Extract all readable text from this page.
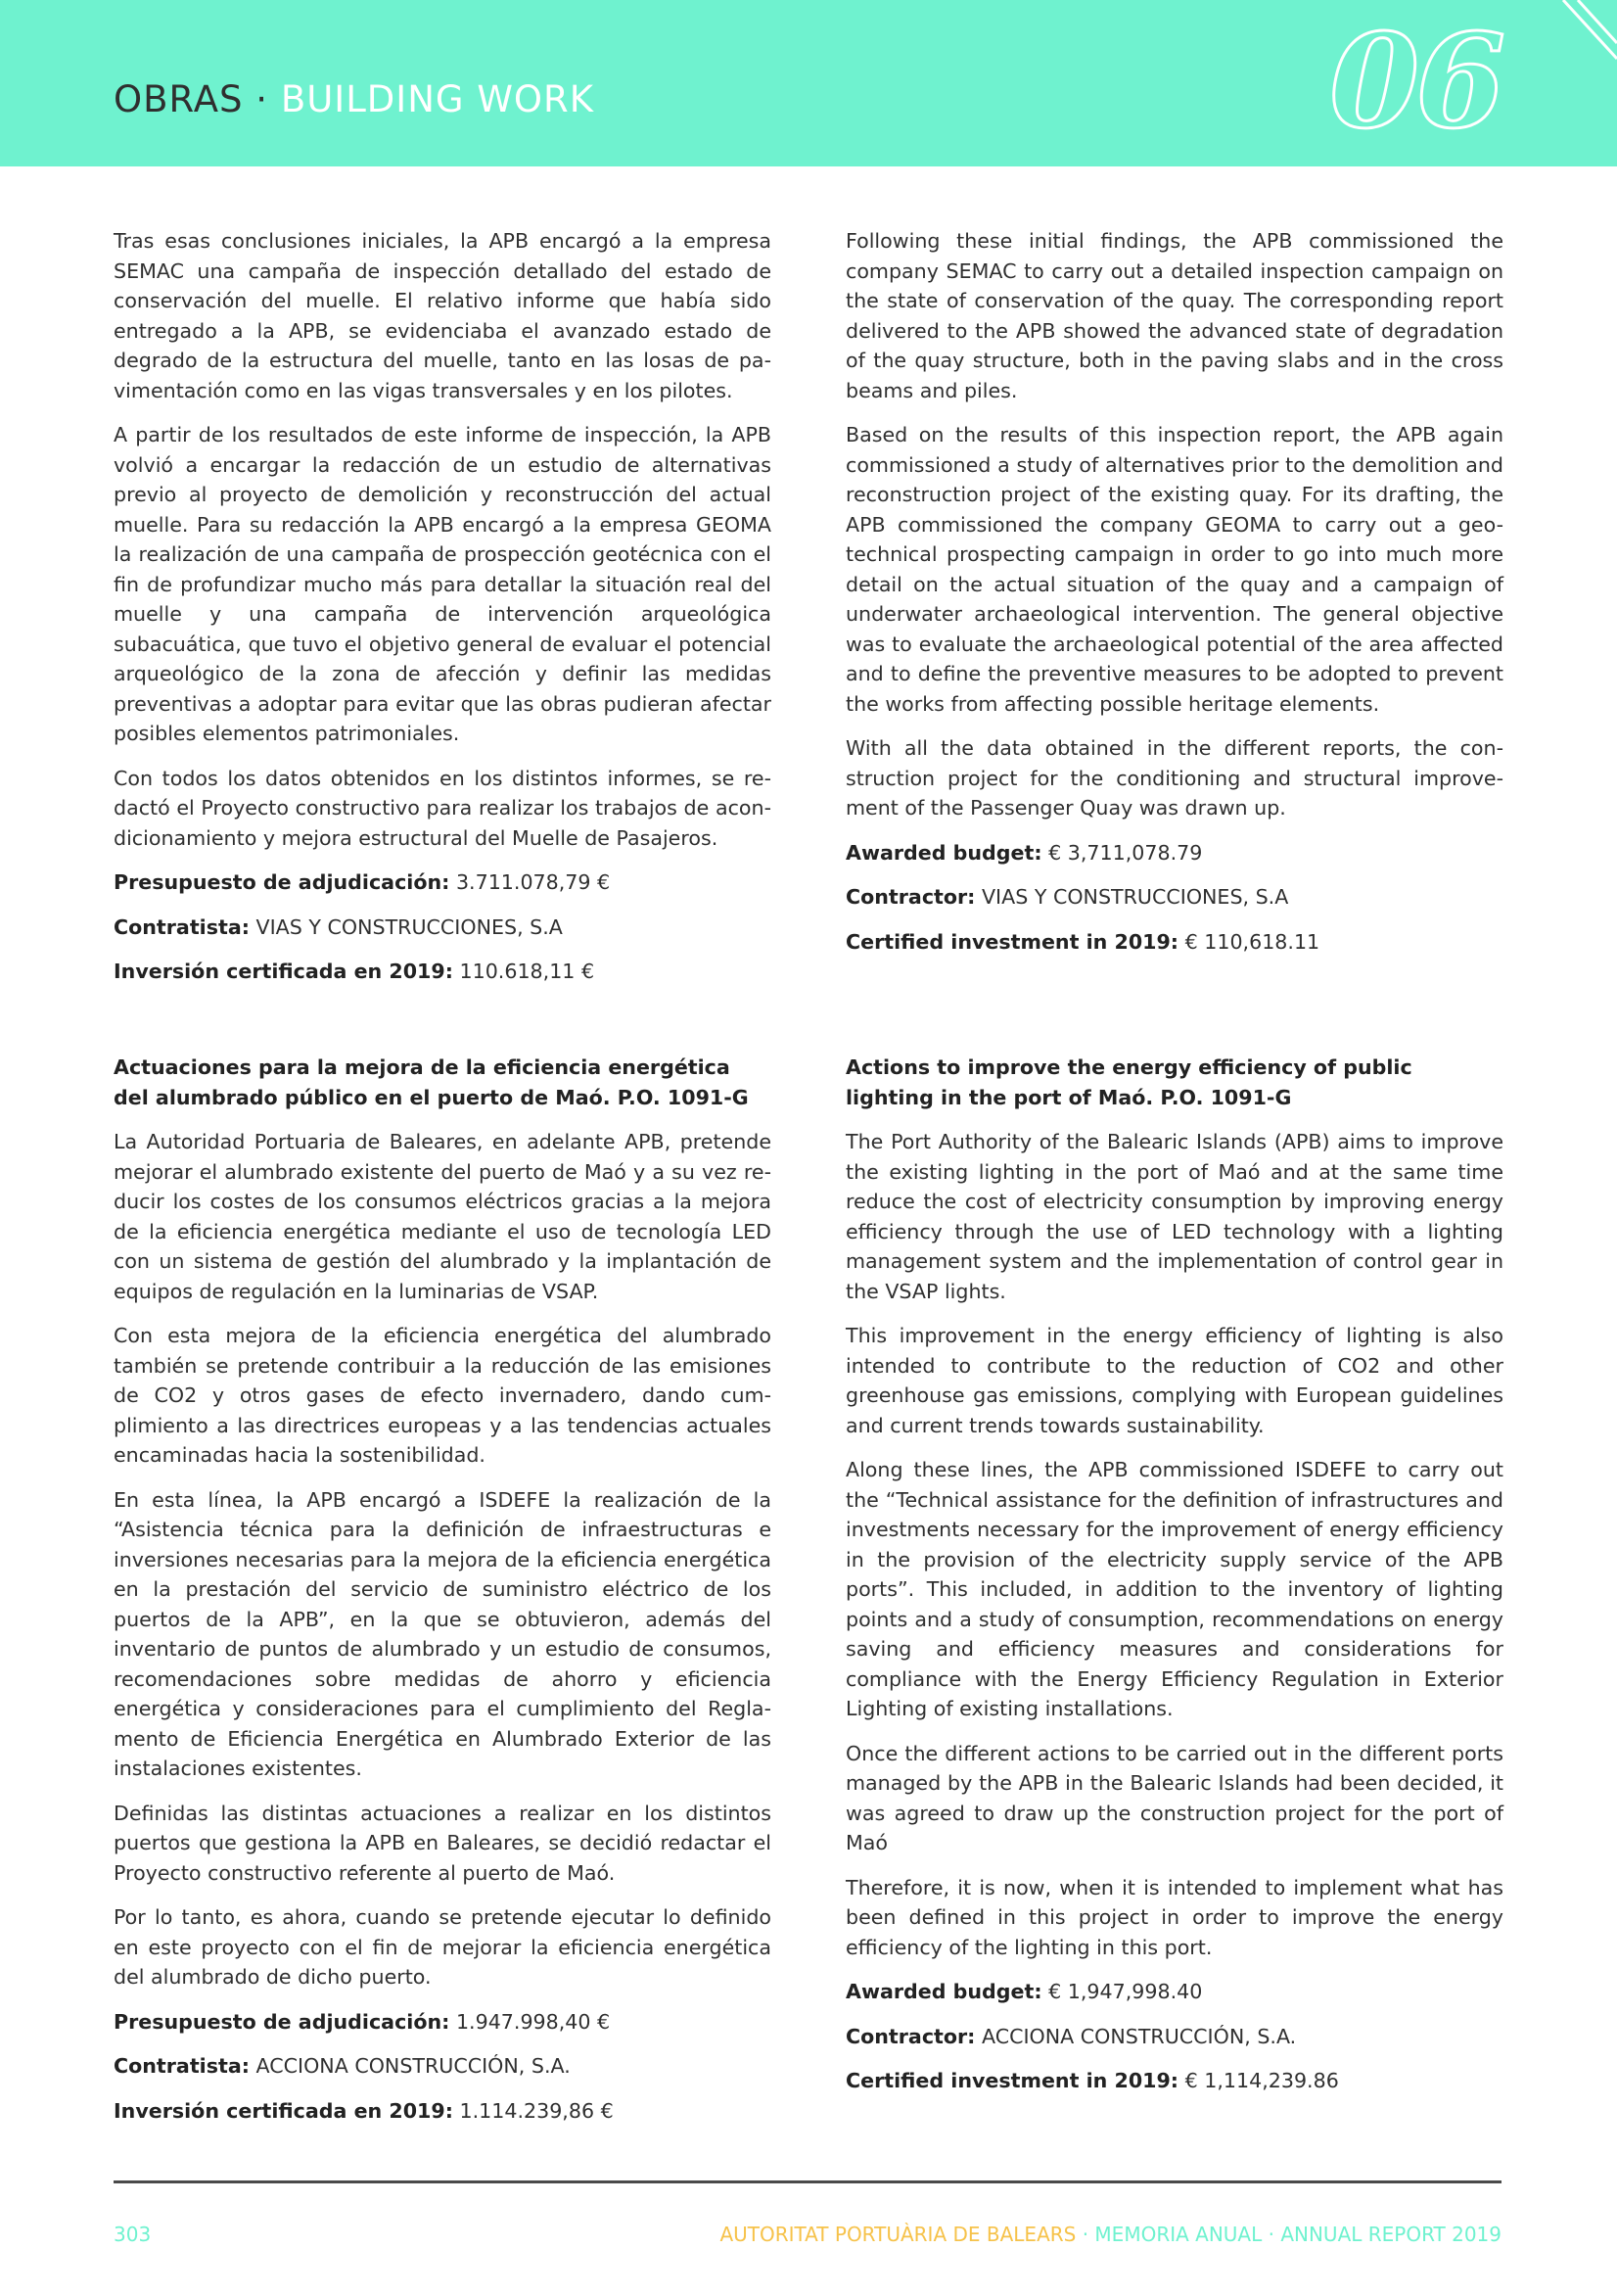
OBRAS · BUILDING WORK	06

Tras esas conclusiones iniciales, la APB encargó a la empresa SEMAC una campaña de inspección detallado del estado de conservación del muelle. El relativo informe que había sido entregado a la APB, se evidenciaba el avanzado estado de degrado de la estructura del muelle, tanto en las losas de pavimentación como en las vigas transversales y en los pilotes.

A partir de los resultados de este informe de inspección, la APB volvió a encargar la redacción de un estudio de alternativas previo al proyecto de demolición y reconstrucción del actual muelle. Para su redacción la APB encargó a la empresa GEOMA la realización de una campaña de prospección geotécnica con el fin de profundizar mucho más para detallar la situación real del muelle y una campaña de intervención arqueológica subacuática, que tuvo el objetivo general de evaluar el potencial arqueológico de la zona de afección y definir las medidas preventivas a adoptar para evitar que las obras pudieran afectar posibles elementos patrimoniales.

Con todos los datos obtenidos en los distintos informes, se redactó el Proyecto constructivo para realizar los trabajos de acondicionamiento y mejora estructural del Muelle de Pasajeros.

Presupuesto de adjudicación: 3.711.078,79 €
Contratista: VIAS Y CONSTRUCCIONES, S.A
Inversión certificada en 2019: 110.618,11 €

Following these initial findings, the APB commissioned the company SEMAC to carry out a detailed inspection campaign on the state of conservation of the quay. The corresponding report delivered to the APB showed the advanced state of degradation of the quay structure, both in the paving slabs and in the cross beams and piles.

Based on the results of this inspection report, the APB again commissioned a study of alternatives prior to the demolition and reconstruction project of the existing quay. For its drafting, the APB commissioned the company GEOMA to carry out a geo-technical prospecting campaign in order to go into much more detail on the actual situation of the quay and a campaign of underwater archaeological intervention. The general objective was to evaluate the archaeological potential of the area affected and to define the preventive measures to be adopted to prevent the works from affecting possible heritage elements.

With all the data obtained in the different reports, the construction project for the conditioning and structural improvement of the Passenger Quay was drawn up.

Awarded budget: € 3,711,078.79
Contractor: VIAS Y CONSTRUCCIONES, S.A
Certified investment in 2019: € 110,618.11
Actuaciones para la mejora de la eficiencia energética del alumbrado público en el puerto de Maó. P.O. 1091-G

La Autoridad Portuaria de Baleares, en adelante APB, pretende mejorar el alumbrado existente del puerto de Maó y a su vez reducir los costes de los consumos eléctricos gracias a la mejora de la eficiencia energética mediante el uso de tecnología LED con un sistema de gestión del alumbrado y la implantación de equipos de regulación en la luminarias de VSAP.

Con esta mejora de la eficiencia energética del alumbrado también se pretende contribuir a la reducción de las emisiones de CO2 y otros gases de efecto invernadero, dando cumplimiento a las directrices europeas y a las tendencias actuales encaminadas hacia la sostenibilidad.

En esta línea, la APB encargó a ISDEFE la realización de la “Asistencia técnica para la definición de infraestructuras e inversiones necesarias para la mejora de la eficiencia energética en la prestación del servicio de suministro eléctrico de los puertos de la APB”, en la que se obtuvieron, además del inventario de puntos de alumbrado y un estudio de consumos, recomendaciones sobre medidas de ahorro y eficiencia energética y consideraciones para el cumplimiento del Reglamento de Eficiencia Energética en Alumbrado Exterior de las instalaciones existentes.

Definidas las distintas actuaciones a realizar en los distintos puertos que gestiona la APB en Baleares, se decidió redactar el Proyecto constructivo referente al puerto de Maó.

Por lo tanto, es ahora, cuando se pretende ejecutar lo definido en este proyecto con el fin de mejorar la eficiencia energética del alumbrado de dicho puerto.

Presupuesto de adjudicación: 1.947.998,40 €
Contratista: ACCIONA CONSTRUCCIÓN, S.A.
Inversión certificada en 2019: 1.114.239,86 €
Actions to improve the energy efficiency of public lighting in the port of Maó. P.O. 1091-G

The Port Authority of the Balearic Islands (APB) aims to improve the existing lighting in the port of Maó and at the same time reduce the cost of electricity consumption by improving energy efficiency through the use of LED technology with a lighting management system and the implementation of control gear in the VSAP lights.

This improvement in the energy efficiency of lighting is also intended to contribute to the reduction of CO2 and other greenhouse gas emissions, complying with European guidelines and current trends towards sustainability.

Along these lines, the APB commissioned ISDEFE to carry out the “Technical assistance for the definition of infrastructures and investments necessary for the improvement of energy efficiency in the provision of the electricity supply service of the APB ports”. This included, in addition to the inventory of lighting points and a study of consumption, recommendations on energy saving and efficiency measures and considerations for compliance with the Energy Efficiency Regulation in Exterior Lighting of existing installations.

Once the different actions to be carried out in the different ports managed by the APB in the Balearic Islands had been decided, it was agreed to draw up the construction project for the port of Maó

Therefore, it is now, when it is intended to implement what has been defined in this project in order to improve the energy efficiency of the lighting in this port.

Awarded budget: € 1,947,998.40
Contractor: ACCIONA CONSTRUCCIÓN, S.A.
Certified investment in 2019: € 1,114,239.86
303	AUTORITAT PORTUÀRIA DE BALEARS · MEMORIA ANUAL · ANNUAL REPORT 2019
